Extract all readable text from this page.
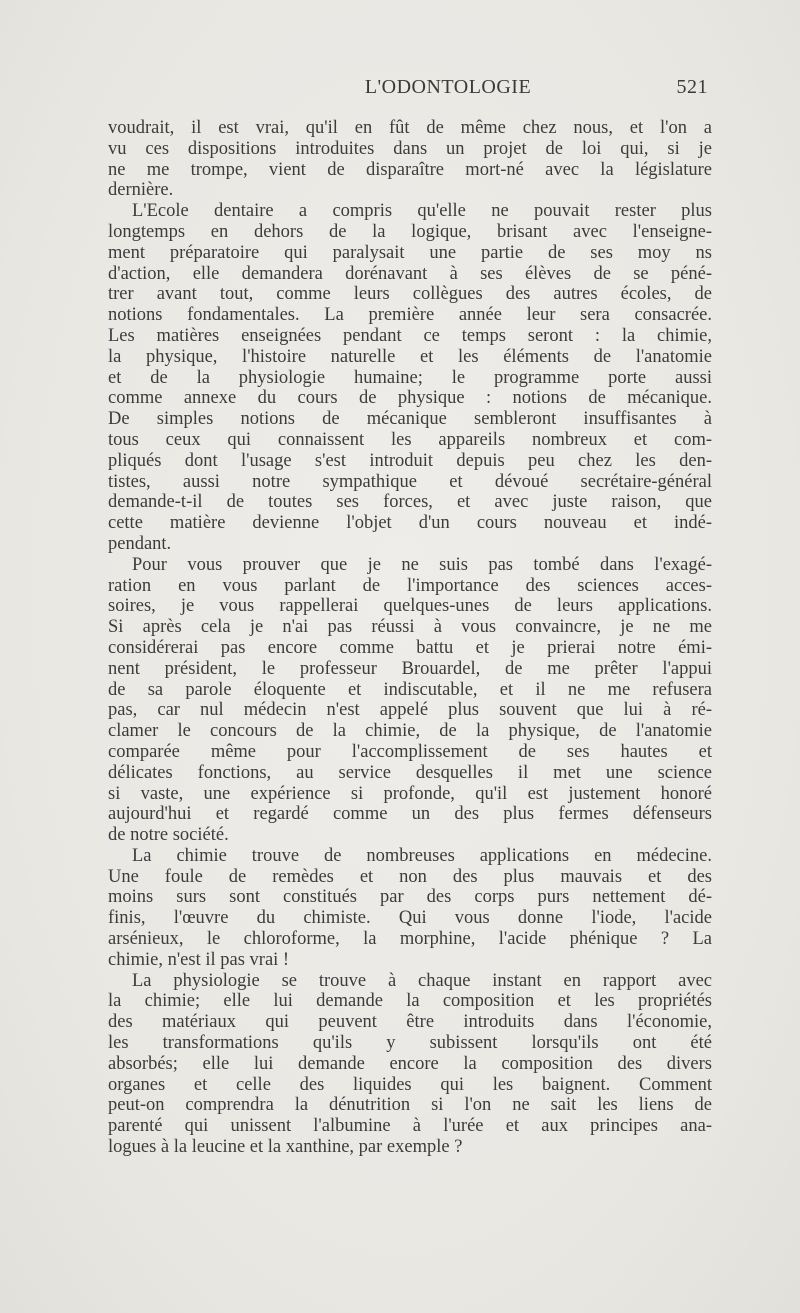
L'ODONTOLOGIE	521
voudrait, il est vrai, qu'il en fût de même chez nous, et l'on a
vu ces dispositions introduites dans un projet de loi qui, si je
ne me trompe, vient de disparaître mort-né avec la législature
dernière.
L'Ecole dentaire a compris qu'elle ne pouvait rester plus
longtemps en dehors de la logique, brisant avec l'enseigne-
ment préparatoire qui paralysait une partie de ses moy ns
d'action, elle demandera dorénavant à ses élèves de se péné-
trer avant tout, comme leurs collègues des autres écoles, de
notions fondamentales. La première année leur sera consacrée.
Les matières enseignées pendant ce temps seront : la chimie,
la physique, l'histoire naturelle et les éléments de l'anatomie
et de la physiologie humaine; le programme porte aussi
comme annexe du cours de physique : notions de mécanique.
De simples notions de mécanique sembleront insuffisantes à
tous ceux qui connaissent les appareils nombreux et com-
pliqués dont l'usage s'est introduit depuis peu chez les den-
tistes, aussi notre sympathique et dévoué secrétaire-général
demande-t-il de toutes ses forces, et avec juste raison, que
cette matière devienne l'objet d'un cours nouveau et indé-
pendant.
Pour vous prouver que je ne suis pas tombé dans l'exagé-
ration en vous parlant de l'importance des sciences acces-
soires, je vous rappellerai quelques-unes de leurs applications.
Si après cela je n'ai pas réussi à vous convaincre, je ne me
considérerai pas encore comme battu et je prierai notre émi-
nent président, le professeur Brouardel, de me prêter l'appui
de sa parole éloquente et indiscutable, et il ne me refusera
pas, car nul médecin n'est appelé plus souvent que lui à ré-
clamer le concours de la chimie, de la physique, de l'anatomie
comparée même pour l'accomplissement de ses hautes et
délicates fonctions, au service desquelles il met une science
si vaste, une expérience si profonde, qu'il est justement honoré
aujourd'hui et regardé comme un des plus fermes défenseurs
de notre société.
La chimie trouve de nombreuses applications en médecine.
Une foule de remèdes et non des plus mauvais et des
moins surs sont constitués par des corps purs nettement dé-
finis, l'œuvre du chimiste. Qui vous donne l'iode, l'acide
arsénieux, le chloroforme, la morphine, l'acide phénique ? La
chimie, n'est il pas vrai !
La physiologie se trouve à chaque instant en rapport avec
la chimie; elle lui demande la composition et les propriétés
des matériaux qui peuvent être introduits dans l'économie,
les transformations qu'ils y subissent lorsqu'ils ont été
absorbés; elle lui demande encore la composition des divers
organes et celle des liquides qui les baignent. Comment
peut-on comprendra la dénutrition si l'on ne sait les liens de
parenté qui unissent l'albumine à l'urée et aux principes ana-
logues à la leucine et la xanthine, par exemple ?
